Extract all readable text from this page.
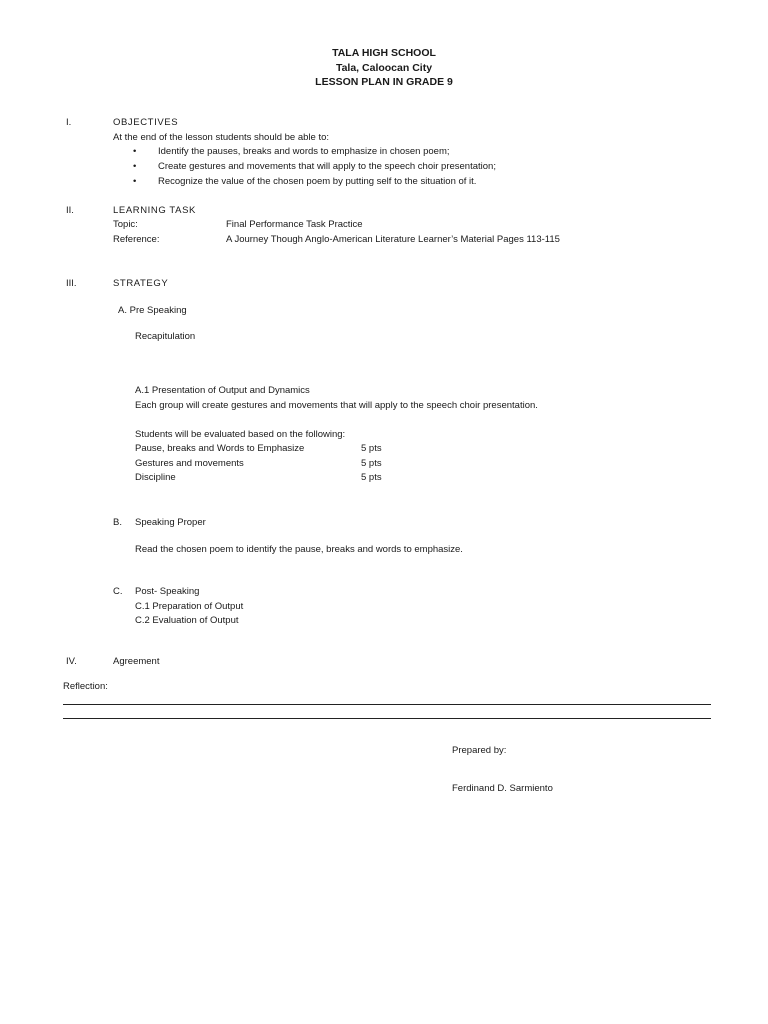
TALA HIGH SCHOOL
Tala, Caloocan City
LESSON PLAN IN GRADE 9
I.	OBJECTIVES
At the end of the lesson students should be able to:
• Identify the pauses, breaks and words to emphasize in chosen poem;
• Create gestures and movements that will apply to the speech choir presentation;
• Recognize the value of the chosen poem by putting self to the situation of it.
II.	LEARNING TASK
Topic:	Final Performance Task Practice
Reference:	A Journey Though Anglo-American Literature Learner’s Material Pages 113-115
III.	STRATEGY
A. Pre Speaking
Recapitulation
A.1 Presentation of Output and Dynamics
Each group will create gestures and movements that will apply to the speech choir presentation.
Students will be evaluated based on the following:
Pause, breaks and Words to Emphasize	5 pts
Gestures and movements	5 pts
Discipline	5 pts
B. Speaking Proper
Read the chosen poem to identify the pause, breaks and words to emphasize.
C. Post- Speaking
C.1 Preparation of Output
C.2 Evaluation of Output
IV.	Agreement
Reflection:
Prepared by:
Ferdinand D. Sarmiento
